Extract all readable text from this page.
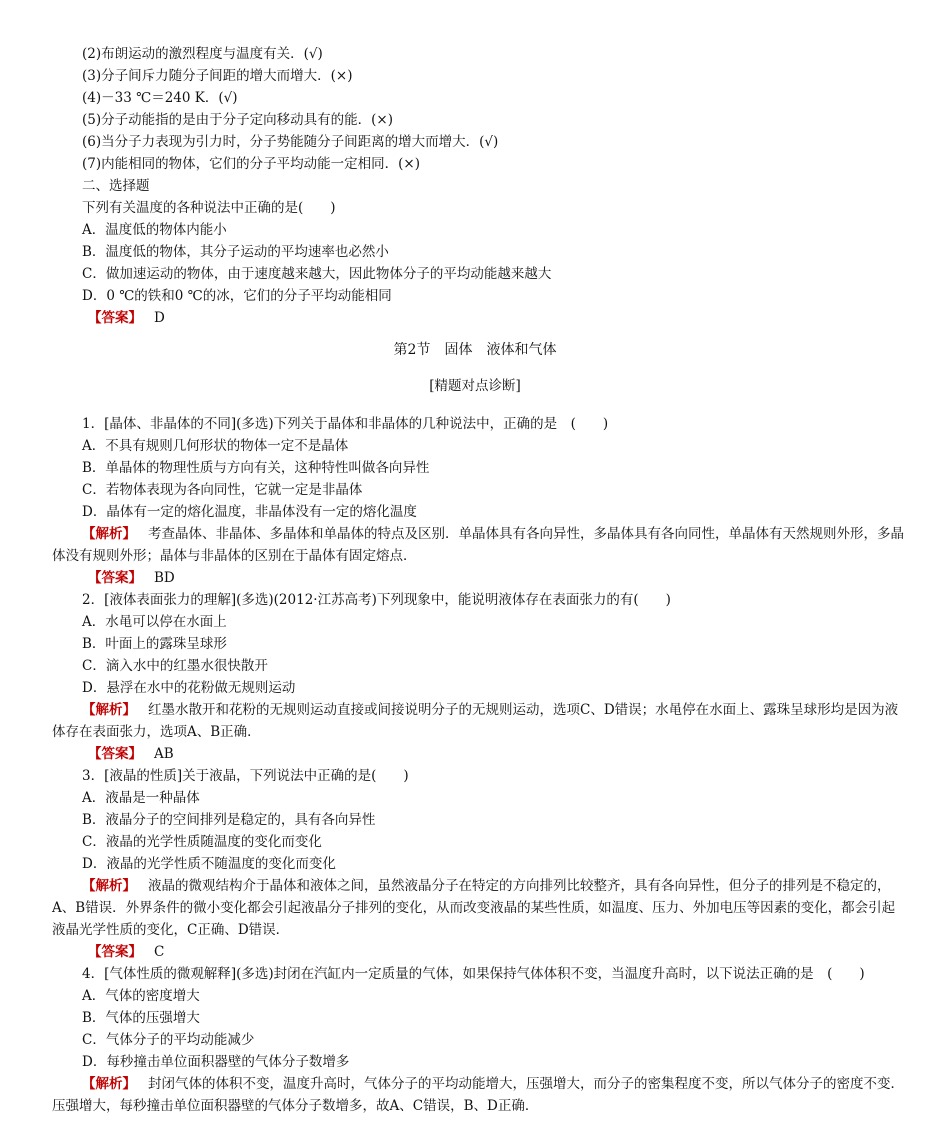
(2)布朗运动的激烈程度与温度有关．(√)
(3)分子间斥力随分子间距的增大而增大．(×)
(4)－33 ℃＝240 K．(√)
(5)分子动能指的是由于分子定向移动具有的能．(×)
(6)当分子力表现为引力时，分子势能随分子间距离的增大而增大．(√)
(7)内能相同的物体，它们的分子平均动能一定相同．(×)
二、选择题
下列有关温度的各种说法中正确的是(　　)
A．温度低的物体内能小
B．温度低的物体，其分子运动的平均速率也必然小
C．做加速运动的物体，由于速度越来越大，因此物体分子的平均动能越来越大
D．0 ℃的铁和0 ℃的冰，它们的分子平均动能相同
【答案】 D
第2节　固体　液体和气体
[精题对点诊断]
1．[晶体、非晶体的不同](多选)下列关于晶体和非晶体的几种说法中，正确的是　(　　)
A．不具有规则几何形状的物体一定不是晶体
B．单晶体的物理性质与方向有关，这种特性叫做各向异性
C．若物体表现为各向同性，它就一定是非晶体
D．晶体有一定的熔化温度，非晶体没有一定的熔化温度
【解析】 考查晶体、非晶体、多晶体和单晶体的特点及区别．单晶体具有各向异性，多晶体具有各向同性，单晶体有天然规则外形，多晶
体没有规则外形；晶体与非晶体的区别在于晶体有固定熔点．
【答案】 BD
2．[液体表面张力的理解](多选)(2012·江苏高考)下列现象中，能说明液体存在表面张力的有(　　)
A．水黾可以停在水面上
B．叶面上的露珠呈球形
C．滴入水中的红墨水很快散开
D．悬浮在水中的花粉做无规则运动
【解析】 红墨水散开和花粉的无规则运动直接或间接说明分子的无规则运动，选项C、D错误；水黾停在水面上、露珠呈球形均是因为液
体存在表面张力，选项A、B正确．
【答案】 AB
3．[液晶的性质]关于液晶，下列说法中正确的是(　　)
A．液晶是一种晶体
B．液晶分子的空间排列是稳定的，具有各向异性
C．液晶的光学性质随温度的变化而变化
D．液晶的光学性质不随温度的变化而变化
【解析】 液晶的微观结构介于晶体和液体之间，虽然液晶分子在特定的方向排列比较整齐，具有各向异性，但分子的排列是不稳定的，
A、B错误．外界条件的微小变化都会引起液晶分子排列的变化，从而改变液晶的某些性质，如温度、压力、外加电压等因素的变化，都会引起
液晶光学性质的变化，C正确、D错误．
【答案】 C
4．[气体性质的微观解释](多选)封闭在汽缸内一定质量的气体，如果保持气体体积不变，当温度升高时，以下说法正确的是　(　　)
A．气体的密度增大
B．气体的压强增大
C．气体分子的平均动能减少
D．每秒撞击单位面积器壁的气体分子数增多
【解析】 封闭气体的体积不变，温度升高时，气体分子的平均动能增大，压强增大，而分子的密集程度不变，所以气体分子的密度不变．
压强增大，每秒撞击单位面积器壁的气体分子数增多，故A、C错误，B、D正确．
